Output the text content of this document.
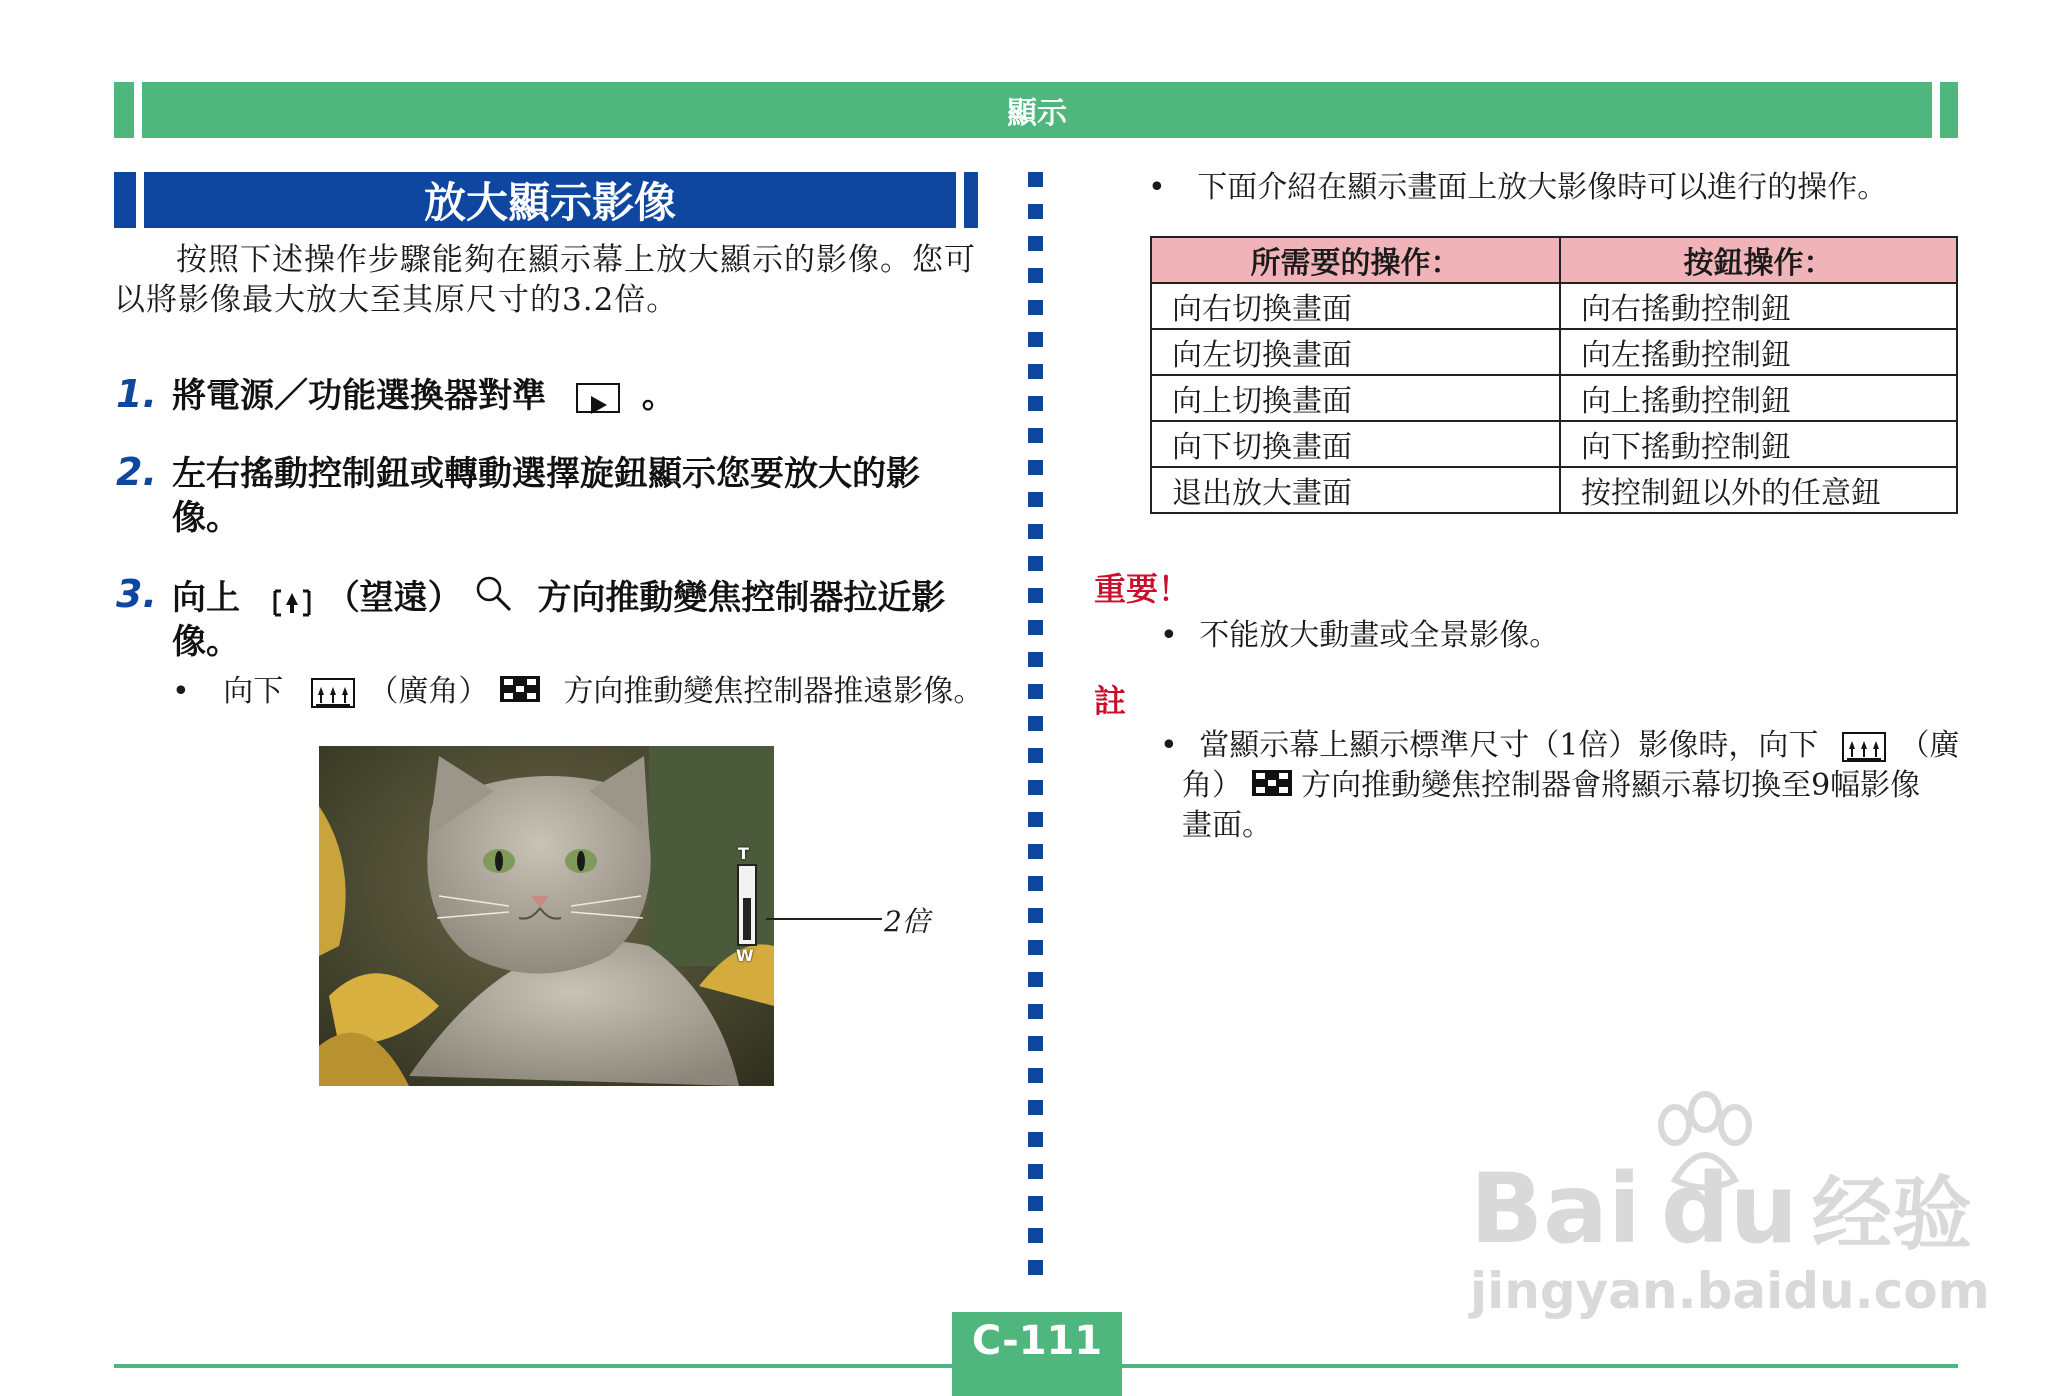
顯示
放大顯示影像
按照下述操作步驟能夠在顯示幕上放大顯示的影像。您可
以將影像最大放大至其原尺寸的3.2倍。
1. 將電源／功能選換器對準	。
2. 左右搖動控制鈕或轉動選擇旋鈕顯示您要放大的影
像。
3. 向上	（望遠） 方向推動變焦控制器拉近影
像。
• 向下	（廣角）	方向推動變焦控制器推遠影像。
T
W
2倍
• 下面介紹在顯示畫面上放大影像時可以進行的操作。
所需要的操作：	按鈕操作：
向右切換畫面	向右搖動控制鈕
向左切換畫面	向左搖動控制鈕
向上切換畫面	向上搖動控制鈕
向下切換畫面	向下搖動控制鈕
退出放大畫面	按控制鈕以外的任意鈕
重要！
• 不能放大動畫或全景影像。
註
• 當顯示幕上顯示標準尺寸（1倍）影像時，向下	（廣
角） 方向推動變焦控制器會將顯示幕切換至9幅影像
畫面。
Bai du 经验
jingyan.baidu.com
C-111
